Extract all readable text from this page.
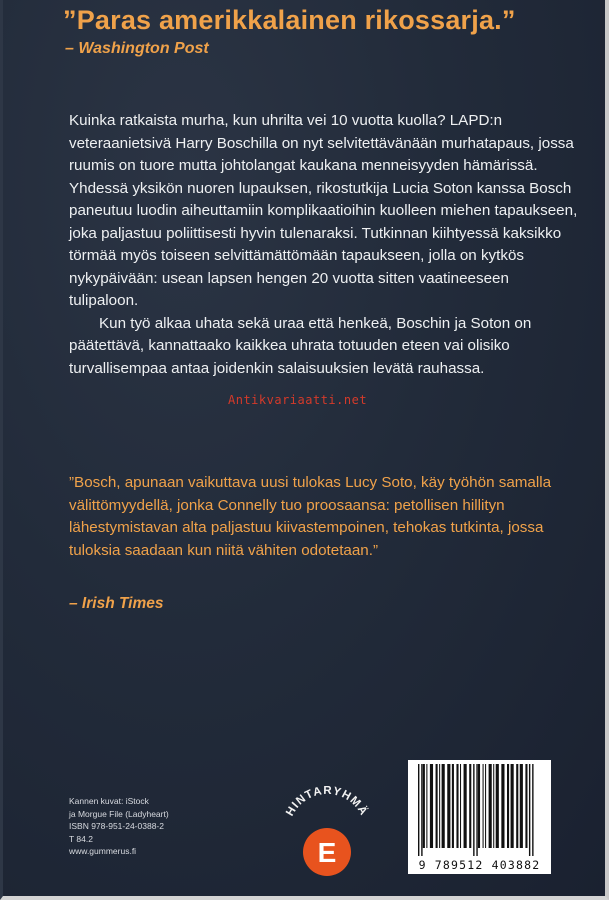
”Paras amerikkalainen rikossarja.”
– Washington Post

Kuinka ratkaista murha, kun uhrilta vei 10 vuotta kuolla? LAPD:n veteraanietsivä Harry Boschilla on nyt selvitettävänään murhatapaus, jossa ruumis on tuore mutta johtolangat kaukana menneisyyden hämärissä. Yhdessä yksikön nuoren lupauksen, rikostutkija Lucia Soton kanssa Bosch paneutuu luodin aiheuttamiin komplikaatioihin kuolleen miehen tapaukseen, joka paljastuu poliittisesti hyvin tulenaraksi. Tutkinnan kiihtyessä kaksikko törmää myös toiseen selvittämättömään tapaukseen, jolla on kytkös nykypäivään: usean lapsen hengen 20 vuotta sitten vaatineeseen tulipaloon.

Kun työ alkaa uhata sekä uraa että henkeä, Boschin ja Soton on päätettävä, kannattaako kaikkea uhrata totuuden eteen vai olisiko turvallisempaa antaa joidenkin salaisuuksien levätä rauhassa.

Antikvariaatti.net
”Bosch, apunaan vaikuttava uusi tulokas Lucy Soto, käy työhön samalla välittömyydellä, jonka Connelly tuo proosaansa: petollisen hillityn lähestymistavan alta paljastuu kiivastempoinen, tehokas tutkinta, jossa tuloksia saadaan kun niitä vähiten odotetaan.”
– Irish Times
Kannen kuvat: iStock
ja Morgue File (Ladyheart)
ISBN 978-951-24-0388-2
T 84.2
www.gummerus.fi
HINTARYHMÄ
E	9 789512 403882
